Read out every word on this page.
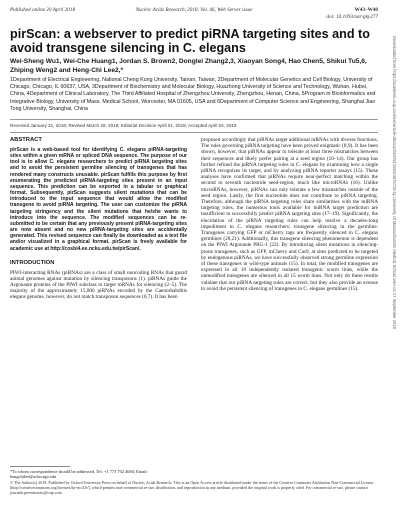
Published online 20 April 2018	Nucleic Acids Research, 2018, Vol. 46, Web Server issue	W43–W48
doi: 10.1093/nar/gky277
Downloaded from https://academic.oup.com/nar/article-abstract/46/W1/W43/4975728 by University of Massachusetts Medical School user on 17 September 2018
pirScan: a webserver to predict piRNA targeting sites and to avoid transgene silencing in C. elegans
Wei-Sheng Wu1, Wei-Che Huang1, Jordan S. Brown2, Donglei Zhang2,3, Xiaoyan Song4, Hao Chen5, Shikui Tu5,6, Zhiping Weng2 and Heng-Chi Lee2,*
1Department of Electrical Engineering, National Cheng Kung University, Tainan, Taiwan, 2Department of Molecular Genetics and Cell Biology, University of Chicago, Chicago, IL 60637, USA, 3Department of Biochemistry and Molecular Biology, Huazhong University of Science and Technology, Wuhan, Hubei, China, 4Department of Clinical Laboratory, The Third Affiliated Hospital of Zhengzhou University, Zhengzhou, Henan, China, 5Program in Bioinformatics and Integrative Biology, University of Mass. Medical School, Worcester, MA 01605, USA and 6Department of Computer Science and Engineering, Shanghai Jiao Tong University, Shanghai, China
Received January 31, 2016; Revised March 28, 2018; Editorial Decision April 01, 2018; Accepted April 04, 2018
ABSTRACT

pirScan is a web-based tool for identifying C. elegans piRNA-targeting sites within a given mRNA or spliced DNA sequence. The purpose of our tool is to allow C. elegans researchers to predict piRNA targeting sites and to avoid the persistent germline silencing of transgenes that has rendered many constructs unusable. pirScan fulfills this purpose by first enumerating the predicted piRNA-targeting sites present in an input sequence. This prediction can be exported in a tabular or graphical format. Subsequently, pirScan suggests silent mutations that can be introduced to the input sequence that would allow the modified transgene to avoid piRNA targeting. The user can customize the piRNA targeting stringency and the silent mutations that he/she wants to introduce into the sequence. The modified sequences can be re-submitted to be certain that any previously present piRNA-targeting sites are now absent and no new piRNA-targeting sites are accidentally generated. This revised sequence can finally be downloaded as a text file and/or visualized in a graphical format. pirScan is freely available for academic use at http://cosbi4.ee.ncku.edu.tw/pirScan/.

INTRODUCTION

PIWI-interacting RNAs (piRNAs) are a class of small noncoding RNAs that guard animal genomes against mutation by silencing transposons (1). piRNAs guide the Argonaute proteins of the PIWI subclass to target mRNAs for silencing (2–5). The majority of the approximately 15,000 piRNAs encoded by the Caenorhabditis elegans genome, however, do not match transposon sequences (6,7). It has been

proposed accordingly that piRNAs target additional mRNAs with diverse functions. The rules governing piRNA targeting have been proved enigmatic (8,9). It has been shown, however, that piRNAs appear to tolerate at least three mismatches between their sequences and likely prefer pairing at a seed region (10–14). Our group has further refined the piRNA targeting rules in C. elegans by examining how a single piRNA recognizes its target, and by analyzing piRNA reporter assays (15). These analyses have confirmed that piRNAs require near-perfect matching within the second to seventh nucleotide seed-region, much like microRNAs (16). Unlike microRNAs, however, piRNAs can only tolerate a few mismatches outside of the seed region. Lastly, the first nucleotide does not contribute to piRNA targeting. Therefore, although the piRNA targeting rules share similarities with the miRNA targeting rules, the numerous tools available for miRNA target prediction are insufficient to successfully predict piRNA targeting sites (17–19). Significantly, the elucidation of the piRNA targeting rules can help resolve a decades-long impediment to C. elegans researchers: transgene silencing in the germline. Transgenes carrying GFP or mCherry tags are frequently silenced in C. elegans germlines (20,21). Additionally, this transgene silencing phenomenon is dependent on the PIWI Argonaute PRG-1 (22). By introducing silent mutations in silencing-prone transgenes, such as GFP, mCherry and Cas9, at sites predicted to be targeted by endogenous piRNAs, we have successfully observed strong germline expression of these transgenes in wild-type animals (15). In total, the modified transgenes are expressed in all 18 independently isolated transgenic worm lines, while the unmodified transgenes are silenced in all 15 worm lines. Not only do these results validate that our piRNA targeting rules are correct, but they also provide an avenue to avoid the persistent silencing of transgenes in C. elegans germlines (15).

*To whom correspondence should be addressed. Tel: +1 773 702 4684; Email: hengchilee@uchicago.edu
© The Author(s) 2018. Published by Oxford University Press on behalf of Nucleic Acids Research. This is an Open Access article distributed under the terms of the Creative Commons Attribution Non-Commercial License (http://creativecommons.org/licenses/by-nc/4.0/), which permits non-commercial re-use, distribution, and reproduction in any medium, provided the original work is properly cited. For commercial re-use, please contact journals.permissions@oup.com
